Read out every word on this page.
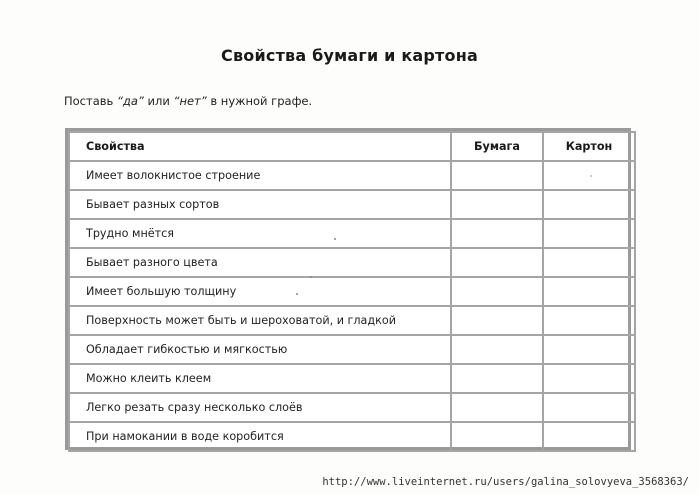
Свойства бумаги и картона
Поставь “да” или “нет” в нужной графе.
Свойства	Бумага	Картон
Имеет волокнистое строение		
Бывает разных сортов		
Трудно мнётся		
Бывает разного цвета		
Имеет большую толщину		
Поверхность может быть и шероховатой, и гладкой		
Обладает гибкостью и мягкостью		
Можно клеить клеем		
Легко резать сразу несколько слоёв		
При намокании в воде коробится		
http://www.liveinternet.ru/users/galina_solovyeva_3568363/
